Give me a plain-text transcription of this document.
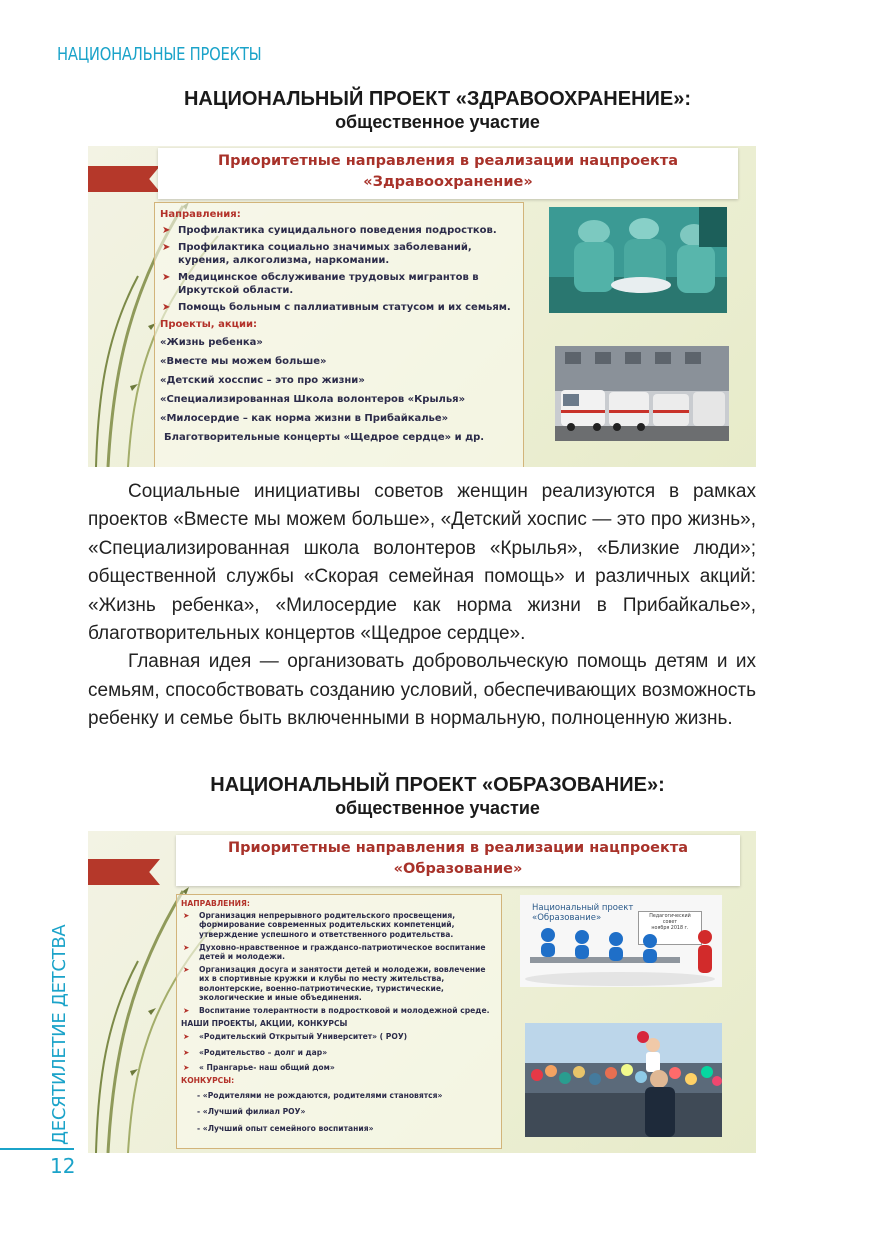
НАЦИОНАЛЬНЫЕ ПРОЕКТЫ
НАЦИОНАЛЬНЫЙ ПРОЕКТ «ЗДРАВООХРАНЕНИЕ»:
общественное участие
Приоритетные направления в реализации нацпроекта
«Здравоохранение»
Направления:
➤ Профилактика суицидального поведения подростков.
➤ Профилактика социально значимых заболеваний, курения, алкоголизма, наркомании.
➤ Медицинское обслуживание трудовых мигрантов в Иркутской области.
➤ Помощь больным с паллиативным статусом и их семьям.
Проекты, акции:
«Жизнь ребенка»
«Вместе мы можем больше»
«Детский хосспис – это про жизни»
«Специализированная Школа волонтеров «Крылья»
«Милосердие – как норма жизни в Прибайкалье»
Благотворительные концерты «Щедрое сердце» и др.

Социальные инициативы советов женщин реализуются в рамках проектов «Вместе мы можем больше», «Детский хоспис — это про жизнь», «Специализированная школа волонтеров «Крылья», «Близкие люди»; общественной службы «Скорая семейная помощь» и различных акций: «Жизнь ребенка», «Милосердие как норма жизни в Прибайкалье», благотворительных концертов «Щедрое сердце».

Главная идея — организовать добровольческую помощь детям и их семьям, способствовать созданию условий, обеспечивающих возможность ребенку и семье быть включенными в нормальную, полноценную жизнь.

НАЦИОНАЛЬНЫЙ ПРОЕКТ «ОБРАЗОВАНИЕ»:
общественное участие
Приоритетные направления в реализации нацпроекта
«Образование»
НАПРАВЛЕНИЯ:
➤ Организация непрерывного родительского просвещения, формирование современных родительских компетенций, утверждение успешного и ответственного родительства.
➤ Духовно-нравственное и граждансо-патриотическое воспитание детей и молодежи.
➤ Организация досуга и занятости детей и молодежи, вовлечение их в спортивные кружки и клубы по месту жительства, волонтерские, военно-патриотические, туристические, экологические и иные объединения.
➤ Воспитание толерантности в подростковой и молодежной среде.
НАШИ ПРОЕКТЫ, АКЦИИ, КОНКУРСЫ
➤ «Родительский Открытый Университет» ( РОУ)
➤ «Родительство – долг и дар»
➤ « Прангарье- наш общий дом»
КОНКУРСЫ:
- «Родителями не рождаются, родителями становятся»
- «Лучший филиал РОУ»
- «Лучший опыт семейного воспитания»
Национальный проект
«Образование»	Педагогический
совет
ноября 2018 г.
ДЕСЯТИЛЕТИЕ ДЕТСТВА
12
